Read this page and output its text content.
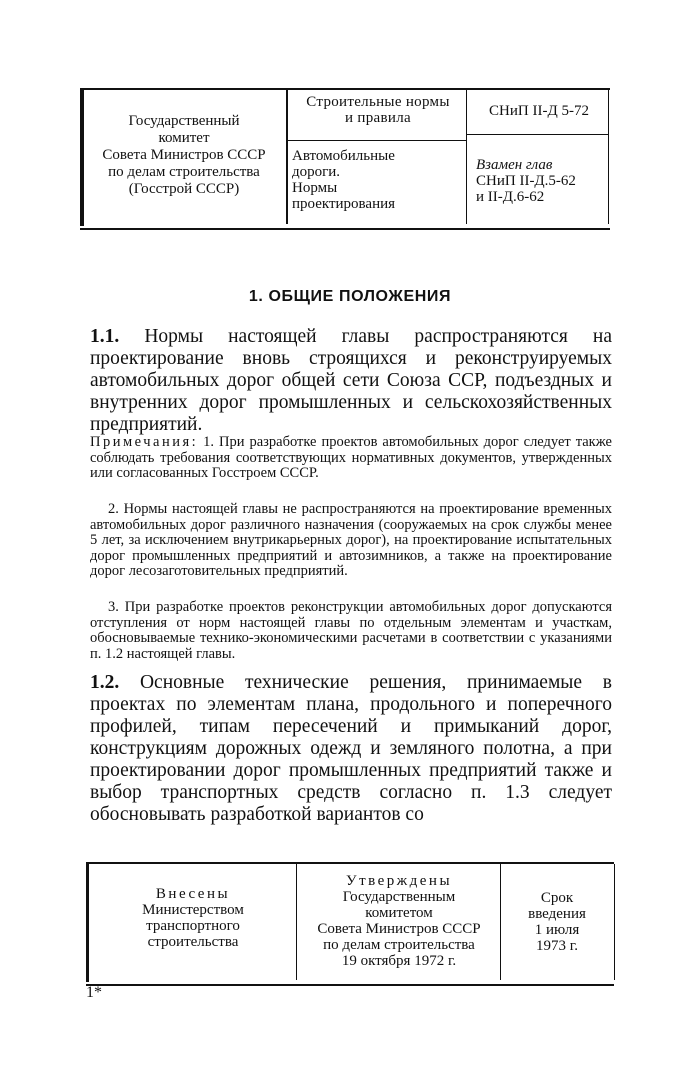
Государственный
комитет
Совета Министров СССР
по делам строительства
(Госстрой СССР)
Строительные нормы
и правила
Автомобильные
дороги.
Нормы
проектирования
СНиП II-Д 5-72
Взамен глав
СНиП II-Д.5-62
и II-Д.6-62
1. ОБЩИЕ ПОЛОЖЕНИЯ
1.1. Нормы настоящей главы распространяются на проектирование вновь строящихся и реконструируемых автомобильных дорог общей сети Союза ССР, подъездных и внутренних дорог промышленных и сельскохозяйственных предприятий.
Примечания: 1. При разработке проектов автомобильных дорог следует также соблюдать требования соответствующих нормативных документов, утвержденных или согласованных Госстроем СССР.
2. Нормы настоящей главы не распространяются на проектирование временных автомобильных дорог различного назначения (сооружаемых на срок службы менее 5 лет, за исключением внутрикарьерных дорог), на проектирование испытательных дорог промышленных предприятий и автозимников, а также на проектирование дорог лесозаготовительных предприятий.
3. При разработке проектов реконструкции автомобильных дорог допускаются отступления от норм настоящей главы по отдельным элементам и участкам, обосновываемые технико-экономическими расчетами в соответствии с указаниями п. 1.2 настоящей главы.
1.2. Основные технические решения, принимаемые в проектах по элементам плана, продольного и поперечного профилей, типам пересечений и примыканий дорог, конструкциям дорожных одежд и земляного полотна, а при проектировании дорог промышленных предприятий также и выбор транспортных средств согласно п. 1.3 следует обосновывать разработкой вариантов со
Внесены
Министерством
транспортного
строительства
Утверждены
Государственным
комитетом
Совета Министров СССР
по делам строительства
19 октября 1972 г.
Срок
введения
1 июля
1973 г.
1*
